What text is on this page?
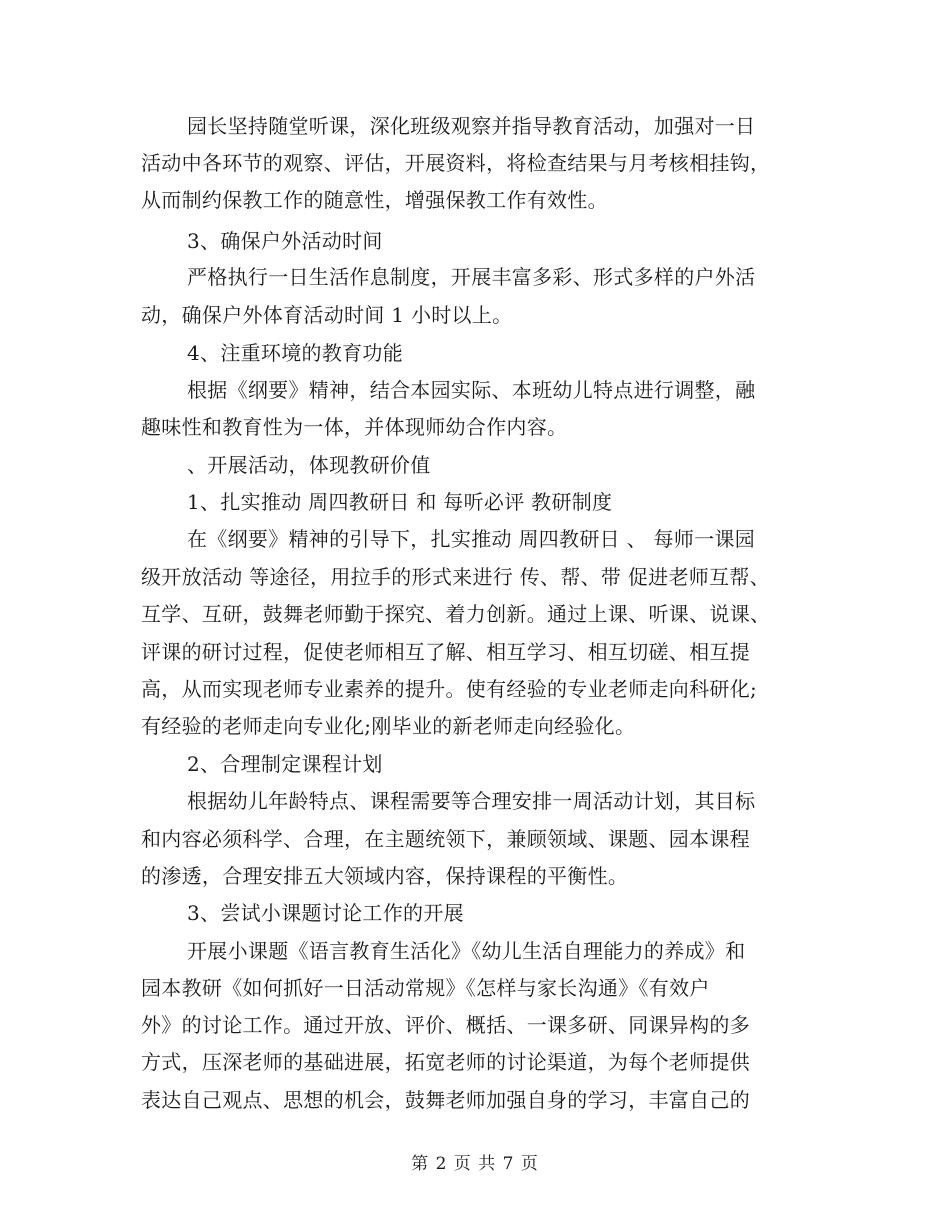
园长坚持随堂听课，深化班级观察并指导教育活动，加强对一日
活动中各环节的观察、评估，开展资料，将检查结果与月考核相挂钩，
从而制约保教工作的随意性，增强保教工作有效性。
3、确保户外活动时间
严格执行一日生活作息制度，开展丰富多彩、形式多样的户外活
动，确保户外体育活动时间 1 小时以上。
4、注重环境的教育功能
根据《纲要》精神，结合本园实际、本班幼儿特点进行调整，融
趣味性和教育性为一体，并体现师幼合作内容。
、开展活动，体现教研价值
1、扎实推动 周四教研日 和 每听必评 教研制度
在《纲要》精神的引导下，扎实推动 周四教研日 、 每师一课园
级开放活动 等途径，用拉手的形式来进行 传、帮、带 促进老师互帮、
互学、互研，鼓舞老师勤于探究、着力创新。通过上课、听课、说课、
评课的研讨过程，促使老师相互了解、相互学习、相互切磋、相互提
高，从而实现老师专业素养的提升。使有经验的专业老师走向科研化;
有经验的老师走向专业化;刚毕业的新老师走向经验化。
2、合理制定课程计划
根据幼儿年龄特点、课程需要等合理安排一周活动计划，其目标
和内容必须科学、合理，在主题统领下，兼顾领域、课题、园本课程
的渗透，合理安排五大领域内容，保持课程的平衡性。
3、尝试小课题讨论工作的开展
开展小课题《语言教育生活化》《幼儿生活自理能力的养成》和
园本教研《如何抓好一日活动常规》《怎样与家长沟通》《有效户
外》的讨论工作。通过开放、评价、概括、一课多研、同课异构的多
方式，压深老师的基础进展，拓宽老师的讨论渠道，为每个老师提供
表达自己观点、思想的机会，鼓舞老师加强自身的学习，丰富自己的
第 2 页 共 7 页
